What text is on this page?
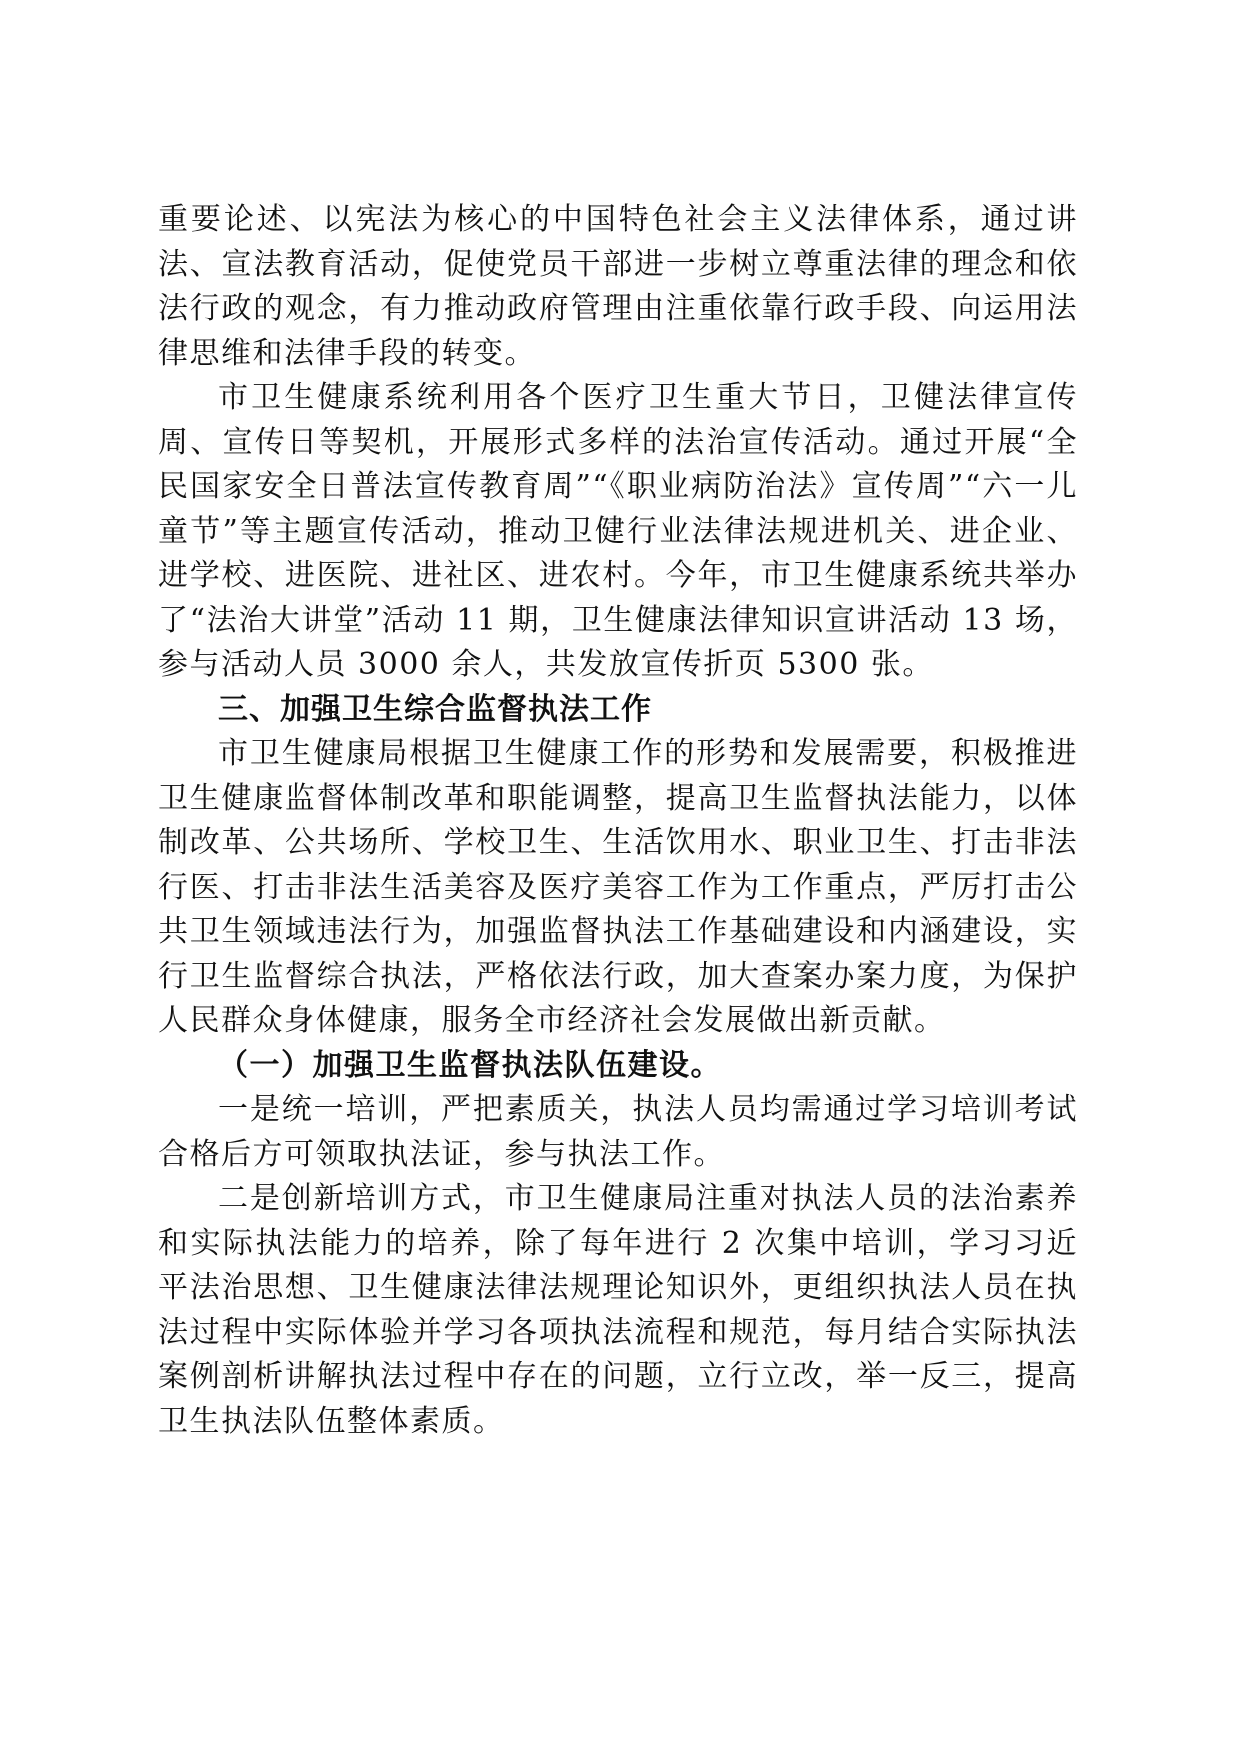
重要论述、以宪法为核心的中国特色社会主义法律体系，通过讲法、宣法教育活动，促使党员干部进一步树立尊重法律的理念和依法行政的观念，有力推动政府管理由注重依靠行政手段、向运用法律思维和法律手段的转变。

市卫生健康系统利用各个医疗卫生重大节日，卫健法律宣传周、宣传日等契机，开展形式多样的法治宣传活动。通过开展“全民国家安全日普法宣传教育周”“《职业病防治法》宣传周”“六一儿童节”等主题宣传活动，推动卫健行业法律法规进机关、进企业、进学校、进医院、进社区、进农村。今年，市卫生健康系统共举办了“法治大讲堂”活动 11 期，卫生健康法律知识宣讲活动 13 场，参与活动人员 3000 余人，共发放宣传折页 5300 张。

三、加强卫生综合监督执法工作

市卫生健康局根据卫生健康工作的形势和发展需要，积极推进卫生健康监督体制改革和职能调整，提高卫生监督执法能力，以体制改革、公共场所、学校卫生、生活饮用水、职业卫生、打击非法行医、打击非法生活美容及医疗美容工作为工作重点，严厉打击公共卫生领域违法行为，加强监督执法工作基础建设和内涵建设，实行卫生监督综合执法，严格依法行政，加大查案办案力度，为保护人民群众身体健康，服务全市经济社会发展做出新贡献。

（一）加强卫生监督执法队伍建设。

一是统一培训，严把素质关，执法人员均需通过学习培训考试合格后方可领取执法证，参与执法工作。

二是创新培训方式，市卫生健康局注重对执法人员的法治素养和实际执法能力的培养，除了每年进行 2 次集中培训，学习习近平法治思想、卫生健康法律法规理论知识外，更组织执法人员在执法过程中实际体验并学习各项执法流程和规范，每月结合实际执法案例剖析讲解执法过程中存在的问题，立行立改，举一反三，提高卫生执法队伍整体素质。
